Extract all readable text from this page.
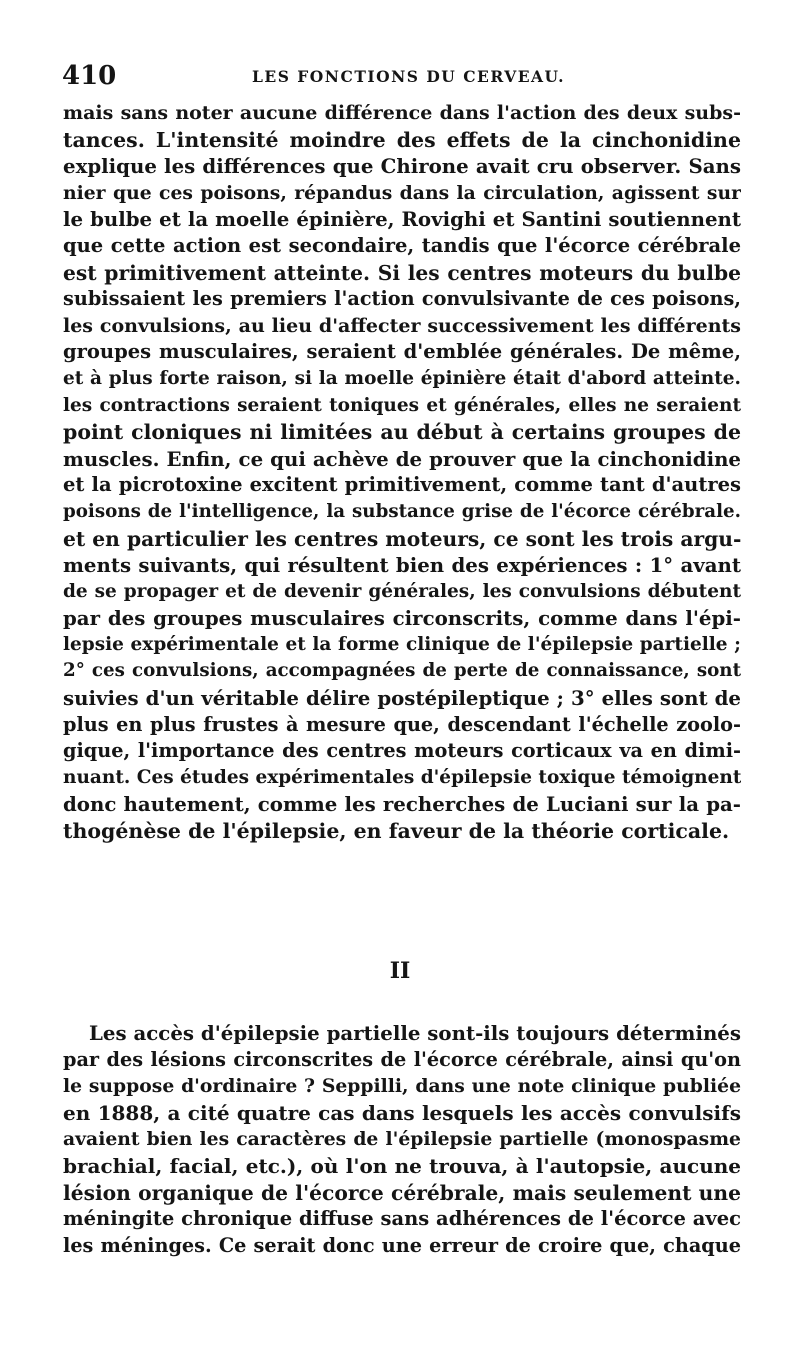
410	LES FONCTIONS DU CERVEAU.
mais sans noter aucune différence dans l'action des deux subs-
tances. L'intensité moindre des effets de la cinchonidine
explique les différences que Chirone avait cru observer. Sans
nier que ces poisons, répandus dans la circulation, agissent sur
le bulbe et la moelle épinière, Rovighi et Santini soutiennent
que cette action est secondaire, tandis que l'écorce cérébrale
est primitivement atteinte. Si les centres moteurs du bulbe
subissaient les premiers l'action convulsivante de ces poisons,
les convulsions, au lieu d'affecter successivement les différents
groupes musculaires, seraient d'emblée générales. De même,
et à plus forte raison, si la moelle épinière était d'abord atteinte.
les contractions seraient toniques et générales, elles ne seraient
point cloniques ni limitées au début à certains groupes de
muscles. Enfin, ce qui achève de prouver que la cinchonidine
et la picrotoxine excitent primitivement, comme tant d'autres
poisons de l'intelligence, la substance grise de l'écorce cérébrale.
et en particulier les centres moteurs, ce sont les trois argu-
ments suivants, qui résultent bien des expériences : 1° avant
de se propager et de devenir générales, les convulsions débutent
par des groupes musculaires circonscrits, comme dans l'épi-
lepsie expérimentale et la forme clinique de l'épilepsie partielle ;
2° ces convulsions, accompagnées de perte de connaissance, sont
suivies d'un véritable délire postépileptique ; 3° elles sont de
plus en plus frustes à mesure que, descendant l'échelle zoolo-
gique, l'importance des centres moteurs corticaux va en dimi-
nuant. Ces études expérimentales d'épilepsie toxique témoignent
donc hautement, comme les recherches de Luciani sur la pa-
thogénèse de l'épilepsie, en faveur de la théorie corticale.
II
Les accès d'épilepsie partielle sont-ils toujours déterminés
par des lésions circonscrites de l'écorce cérébrale, ainsi qu'on
le suppose d'ordinaire ? Seppilli, dans une note clinique publiée
en 1888, a cité quatre cas dans lesquels les accès convulsifs
avaient bien les caractères de l'épilepsie partielle (monospasme
brachial, facial, etc.), où l'on ne trouva, à l'autopsie, aucune
lésion organique de l'écorce cérébrale, mais seulement une
méningite chronique diffuse sans adhérences de l'écorce avec
les méninges. Ce serait donc une erreur de croire que, chaque
